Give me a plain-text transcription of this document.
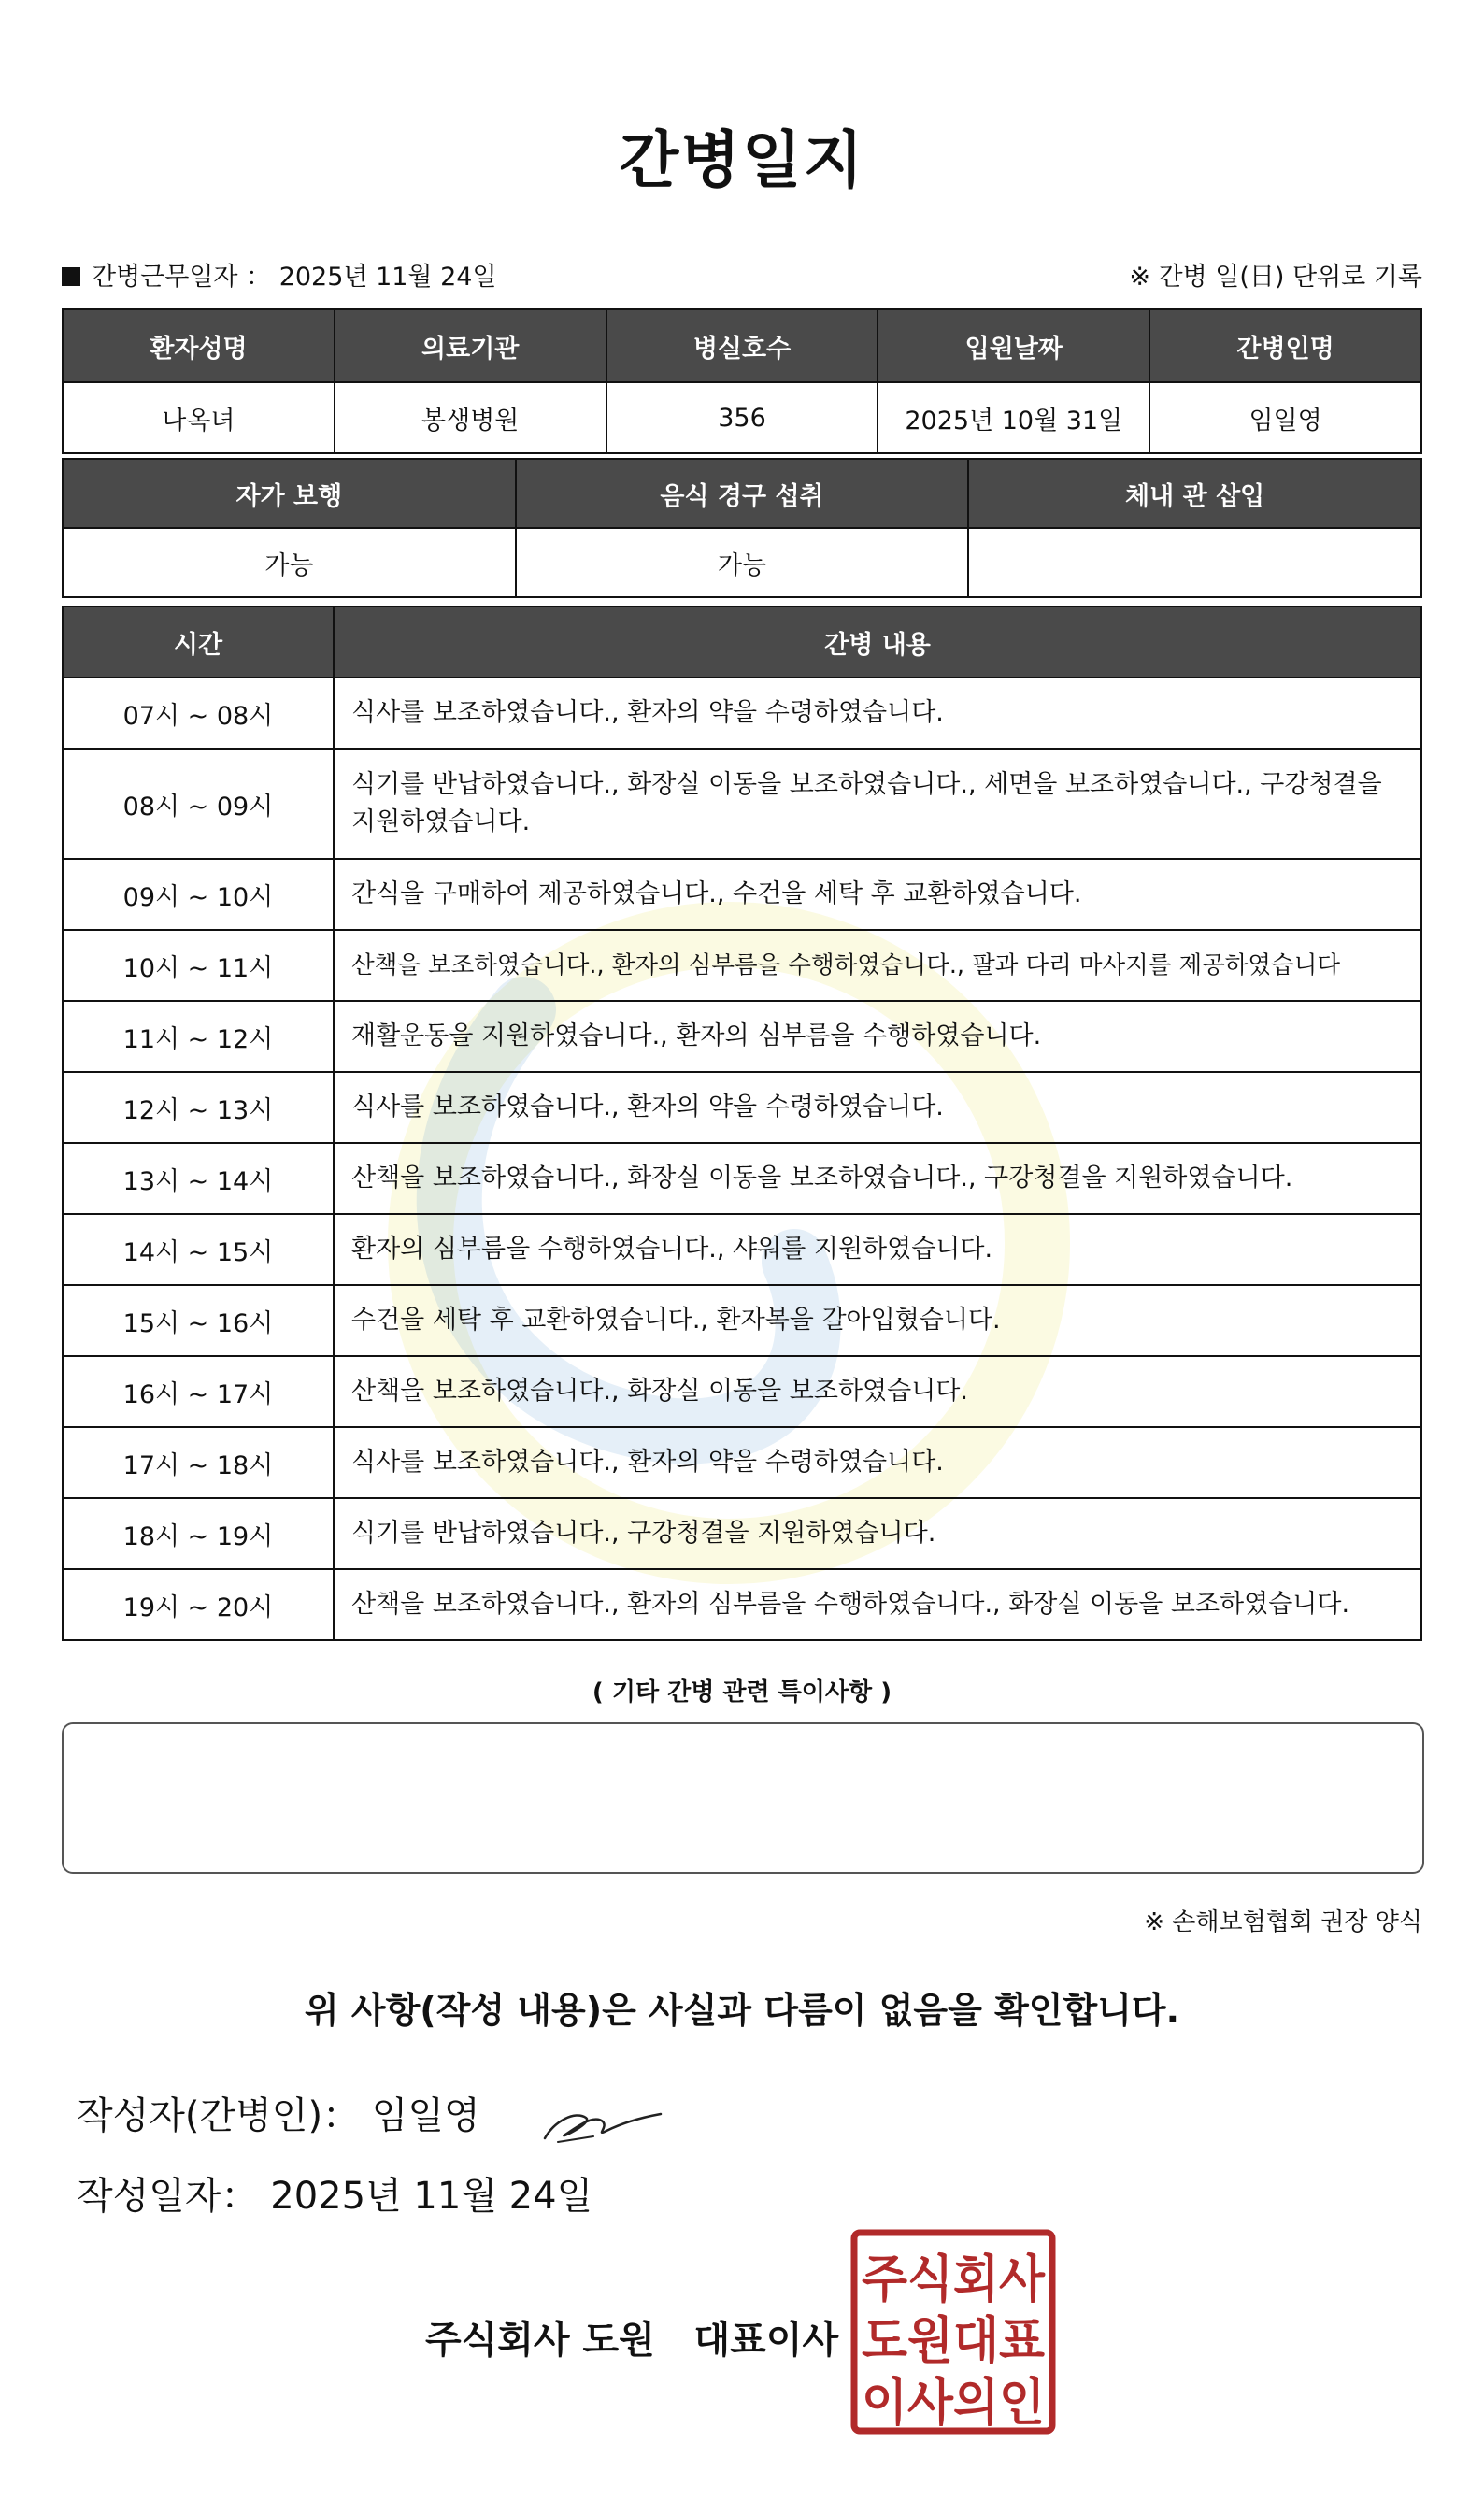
간병일지
간병근무일자 ： 2025년 11월 24일	※ 간병 일(日) 단위로 기록
환자성명	의료기관	병실호수	입원날짜	간병인명
나옥녀	봉생병원	356	2025년 10월 31일	임일영
자가 보행	음식 경구 섭취	체내 관 삽입
가능	가능	
시간	간병 내용
07시 ~ 08시	식사를 보조하였습니다., 환자의 약을 수령하였습니다.
08시 ~ 09시	식기를 반납하였습니다., 화장실 이동을 보조하였습니다., 세면을 보조하였습니다., 구강청결을 지원하였습니다.
09시 ~ 10시	간식을 구매하여 제공하였습니다., 수건을 세탁 후 교환하였습니다.
10시 ~ 11시	산책을 보조하였습니다., 환자의 심부름을 수행하였습니다., 팔과 다리 마사지를 제공하였습니다
11시 ~ 12시	재활운동을 지원하였습니다., 환자의 심부름을 수행하였습니다.
12시 ~ 13시	식사를 보조하였습니다., 환자의 약을 수령하였습니다.
13시 ~ 14시	산책을 보조하였습니다., 화장실 이동을 보조하였습니다., 구강청결을 지원하였습니다.
14시 ~ 15시	환자의 심부름을 수행하였습니다., 샤워를 지원하였습니다.
15시 ~ 16시	수건을 세탁 후 교환하였습니다., 환자복을 갈아입혔습니다.
16시 ~ 17시	산책을 보조하였습니다., 화장실 이동을 보조하였습니다.
17시 ~ 18시	식사를 보조하였습니다., 환자의 약을 수령하였습니다.
18시 ~ 19시	식기를 반납하였습니다., 구강청결을 지원하였습니다.
19시 ~ 20시	산책을 보조하였습니다., 환자의 심부름을 수행하였습니다., 화장실 이동을 보조하였습니다.
( 기타 간병 관련 특이사항 )
※ 손해보험협회 권장 양식
위 사항(작성 내용)은 사실과 다름이 없음을 확인합니다.
작성자(간병인)： 임일영
작성일자： 2025년 11월 24일
주식회사 도원   대표이사
주식회사
도원대표
이사의인
